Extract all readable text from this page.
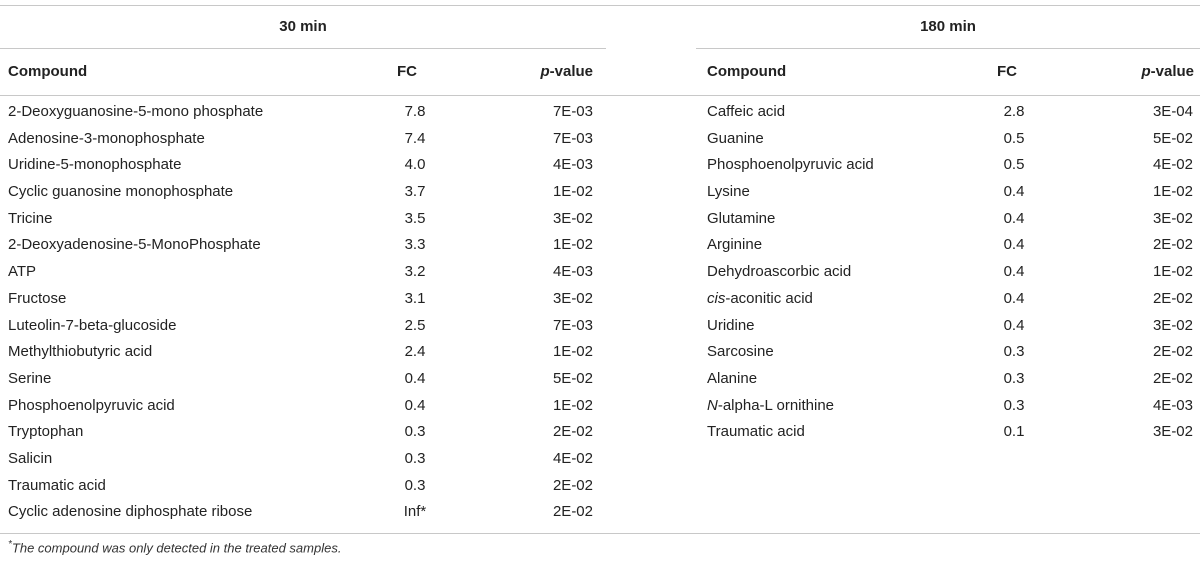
30 min	180 min
Compound	FC	p-value	Compound	FC	p-value
2-Deoxyguanosine-5-mono phosphate	7.8	7E-03
Adenosine-3-monophosphate	7.4	7E-03
Uridine-5-monophosphate	4.0	4E-03
Cyclic guanosine monophosphate	3.7	1E-02
Tricine	3.5	3E-02
2-Deoxyadenosine-5-MonoPhosphate	3.3	1E-02
ATP	3.2	4E-03
Fructose	3.1	3E-02
Luteolin-7-beta-glucoside	2.5	7E-03
Methylthiobutyric acid	2.4	1E-02
Serine	0.4	5E-02
Phosphoenolpyruvic acid	0.4	1E-02
Tryptophan	0.3	2E-02
Salicin	0.3	4E-02
Traumatic acid	0.3	2E-02
Cyclic adenosine diphosphate ribose	Inf*	2E-02
Caffeic acid	2.8	3E-04
Guanine	0.5	5E-02
Phosphoenolpyruvic acid	0.5	4E-02
Lysine	0.4	1E-02
Glutamine	0.4	3E-02
Arginine	0.4	2E-02
Dehydroascorbic acid	0.4	1E-02
cis-aconitic acid	0.4	2E-02
Uridine	0.4	3E-02
Sarcosine	0.3	2E-02
Alanine	0.3	2E-02
N-alpha-L ornithine	0.3	4E-03
Traumatic acid	0.1	3E-02
*The compound was only detected in the treated samples.
